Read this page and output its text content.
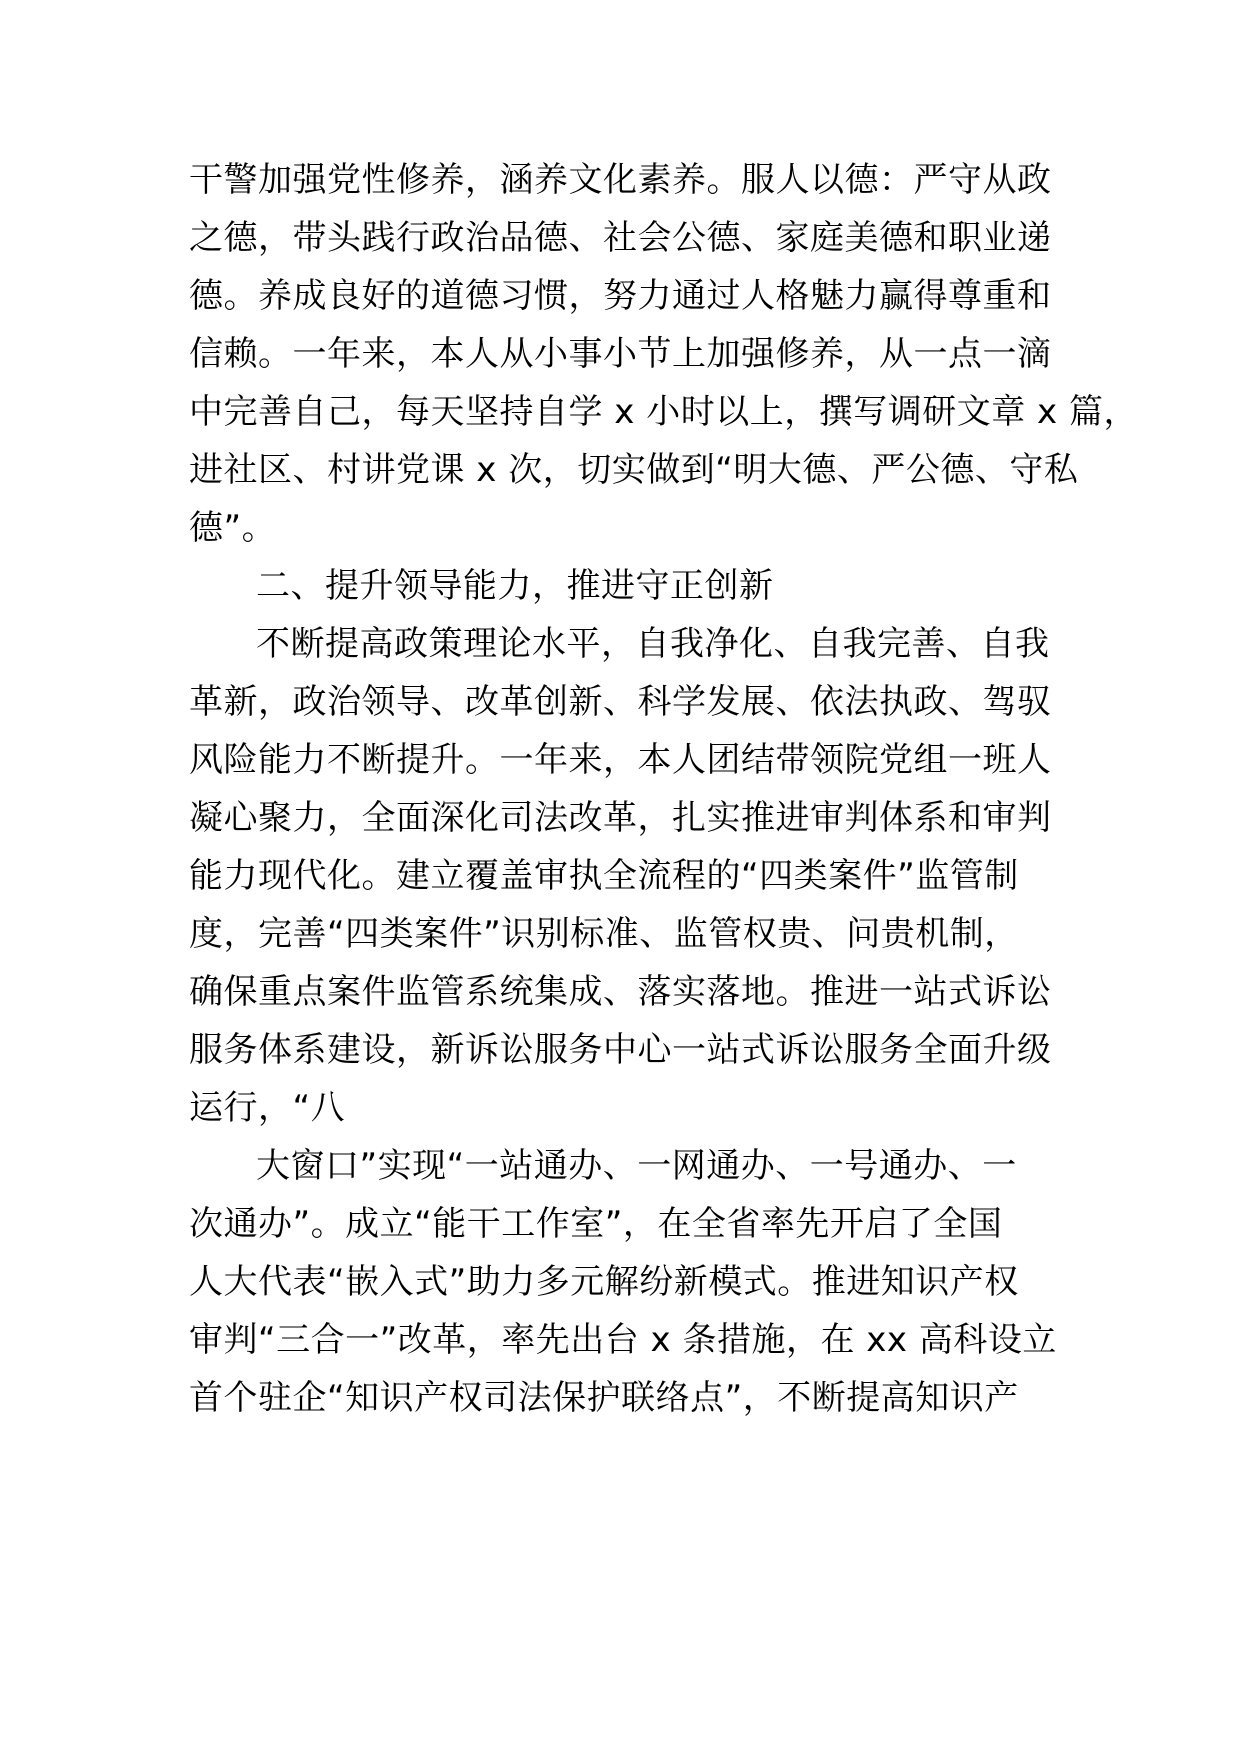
干警加强党性修养，涵养文化素养。服人以德：严守从政
之德，带头践行政治品德、社会公德、家庭美德和职业递
德。养成良好的道德习惯，努力通过人格魅力赢得尊重和
信赖。一年来，本人从小事小节上加强修养，从一点一滴
中完善自己，每天坚持自学 x 小时以上，撰写调研文章 x 篇，
进社区、村讲党课 x 次，切实做到“明大德、严公德、守私
德”。
二、提升领导能力，推进守正创新
不断提高政策理论水平，自我净化、自我完善、自我
革新，政治领导、改革创新、科学发展、依法执政、驾驭
风险能力不断提升。一年来，本人团结带领院党组一班人
凝心聚力，全面深化司法改革，扎实推进审判体系和审判
能力现代化。建立覆盖审执全流程的“四类案件”监管制
度，完善“四类案件”识别标准、监管权贵、问贵机制，
确保重点案件监管系统集成、落实落地。推进一站式诉讼
服务体系建设，新诉讼服务中心一站式诉讼服务全面升级
运行，“八
大窗口”实现“一站通办、一网通办、一号通办、一
次通办”。成立“能干工作室”，在全省率先开启了全国
人大代表“嵌入式”助力多元解纷新模式。推进知识产权
审判“三合一”改革，率先出台 x 条措施，在 xx 高科设立
首个驻企“知识产权司法保护联络点”，不断提高知识产
